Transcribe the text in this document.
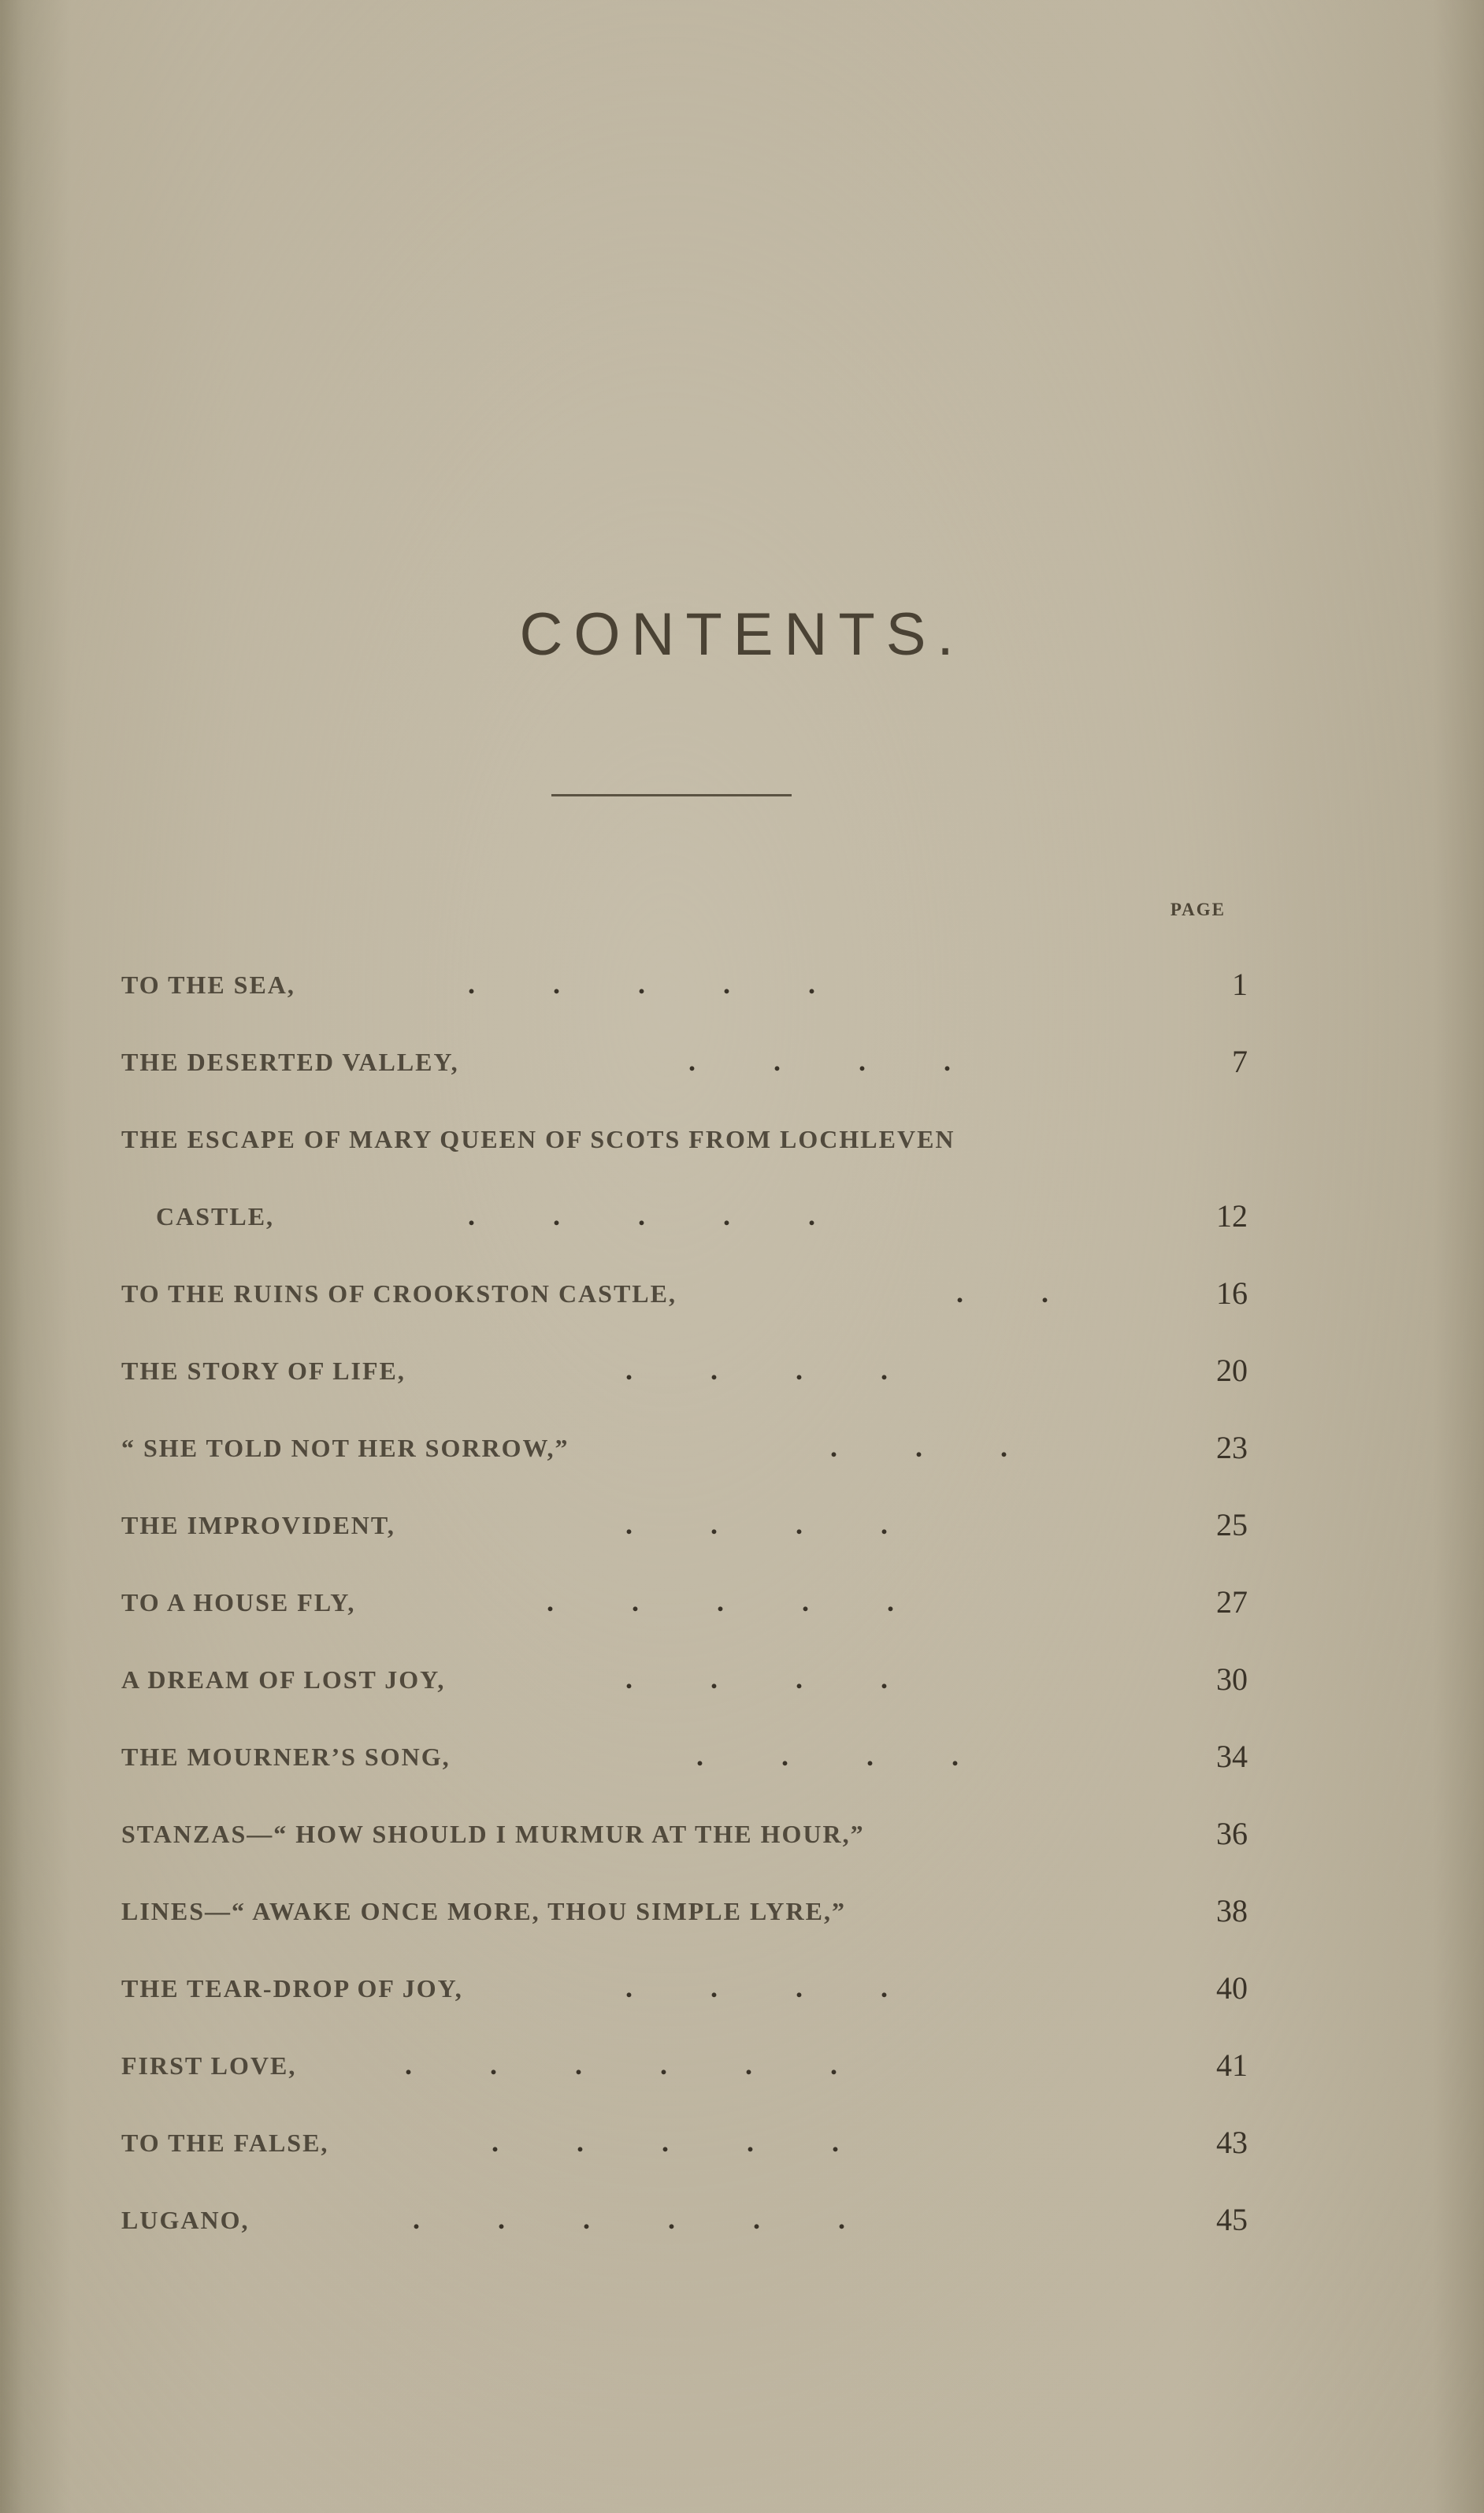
CONTENTS.
PAGE
TO THE SEA,	.           .           .           .           .	1
THE DESERTED VALLEY,	.           .           .           .	7
THE ESCAPE OF MARY QUEEN OF SCOTS FROM LOCHLEVEN
CASTLE,	.           .           .           .           .	12
TO THE RUINS OF CROOKSTON CASTLE,	.           .	16
THE STORY OF LIFE,	.           .           .           .	20
“ SHE TOLD NOT HER SORROW,”	.           .           .	23
THE IMPROVIDENT,	.           .           .           .	25
TO A HOUSE FLY,	.           .           .           .           .	27
A DREAM OF LOST JOY,	.           .           .           .	30
THE MOURNER’S SONG,	.           .           .           .	34
STANZAS—“ HOW SHOULD I MURMUR AT THE HOUR,”	36
LINES—“ AWAKE ONCE MORE, THOU SIMPLE LYRE,”	38
THE TEAR-DROP OF JOY,	.           .           .           .	40
FIRST LOVE,	.           .           .           .           .           .	41
TO THE FALSE,	.           .           .           .           .	43
LUGANO,	.           .           .           .           .           .	45
